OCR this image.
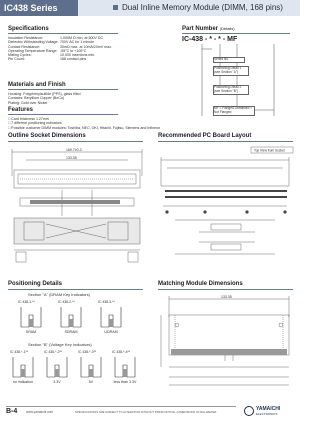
IC438 Series	Dual Inline Memory Module (DIMM, 168 pins)
Specifications
Insulation Resistance:	1,000M Ω min. at 500V DC
Dielectric Withstanding Voltage: 700V AC for 1 minute
Contact Resistance:	30mΩ max. at 10mA/20mV max.
Operating Temperature Range: -55°C to +105°C
Mating Cycles:	10,000 insertions min.
Pin Count:	168 contact pins
Materials and Finish
Housing: Polyphenylsulfide (PPS), glass filled
Contacts: Beryllium Copper (BeCu)
Plating: Gold over Nickel
Features
□ Card thickness 1.27mm
□ 7 different positioning indicators
□ Possible customer DIMM modules: Toshiba, NEC, OKI, Hitachi, Fujitsu, Siemens and Infineon
Part Number (Details)
IC-438 - * - * - MF
Series No.
Positioning Detail 1 (see Section "A")
Positioning Detail 2 (see Section "B")
MF = Flanged Unmarked = Not Flanged
Outline Socket Dimensions	Recommended PC Board Layout
169.7±0.3
133.35
Top View from Socket
Positioning Details	Matching Module Dimensions
Section "A" (DRAM Key Indicators)
IC 438-1-**
SRAM
IC 438-2-**
SDRAM
IC 438-3-**
UDRAM
Section "B" (Voltage Key Indicators)
IC 438-*-1**
no indication
IC 438-*-2**
3.3V
IC 438-*-3**
5V
IC 438-*-4**
less than 3.3V
133.35
B-4	www.yamaichi.com	SPECIFICATIONS ARE SUBJECT TO ALTERATION WITHOUT PRIOR NOTICE • DIMENSIONS IN MILLIMETER	YAMAICHI
ELECTRONICS
